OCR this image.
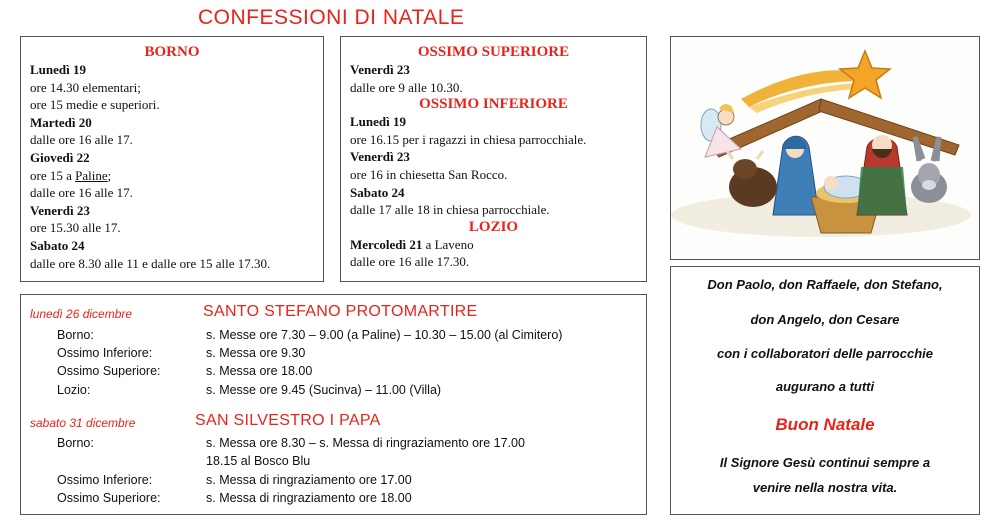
CONFESSIONI DI NATALE
BORNO
Lunedì 19
ore 14.30 elementari;
ore 15 medie e superiori.
Martedì 20
dalle ore 16 alle 17.
Giovedì 22
ore 15 a Paline;
dalle ore 16 alle 17.
Venerdì 23
ore 15.30 alle 17.
Sabato 24
dalle ore 8.30 alle 11 e dalle ore 15 alle 17.30.
OSSIMO SUPERIORE
Venerdì 23
dalle ore 9 alle 10.30.
OSSIMO INFERIORE
Lunedì 19
ore 16.15 per i ragazzi in chiesa parrocchiale.
Venerdì 23
ore 16 in chiesetta San Rocco.
Sabato 24
dalle 17 alle 18 in chiesa parrocchiale.
LOZIO
Mercoledì 21 a Laveno
dalle ore 16 alle 17.30.
lunedì 26 dicembre	SANTO STEFANO PROTOMARTIRE
Borno:	s. Messe ore 7.30 – 9.00 (a Paline) – 10.30 – 15.00 (al Cimitero)
Ossimo Inferiore:	s. Messa ore 9.30
Ossimo Superiore:	s. Messa ore 18.00
Lozio:	s. Messe ore 9.45 (Sucinva) – 11.00 (Villa)
sabato 31 dicembre	SAN SILVESTRO I PAPA
Borno:	s. Messa ore 8.30 – s. Messa di ringraziamento ore 17.00
18.15 al Bosco Blu
Ossimo Inferiore:	s. Messa di ringraziamento ore 17.00
Ossimo Superiore:	s. Messa di ringraziamento ore 18.00
Don Paolo, don Raffaele, don Stefano,
don Angelo, don Cesare
con i collaboratori delle parrocchie
augurano a tutti
Buon Natale
Il Signore Gesù continui sempre a
venire nella nostra vita.
